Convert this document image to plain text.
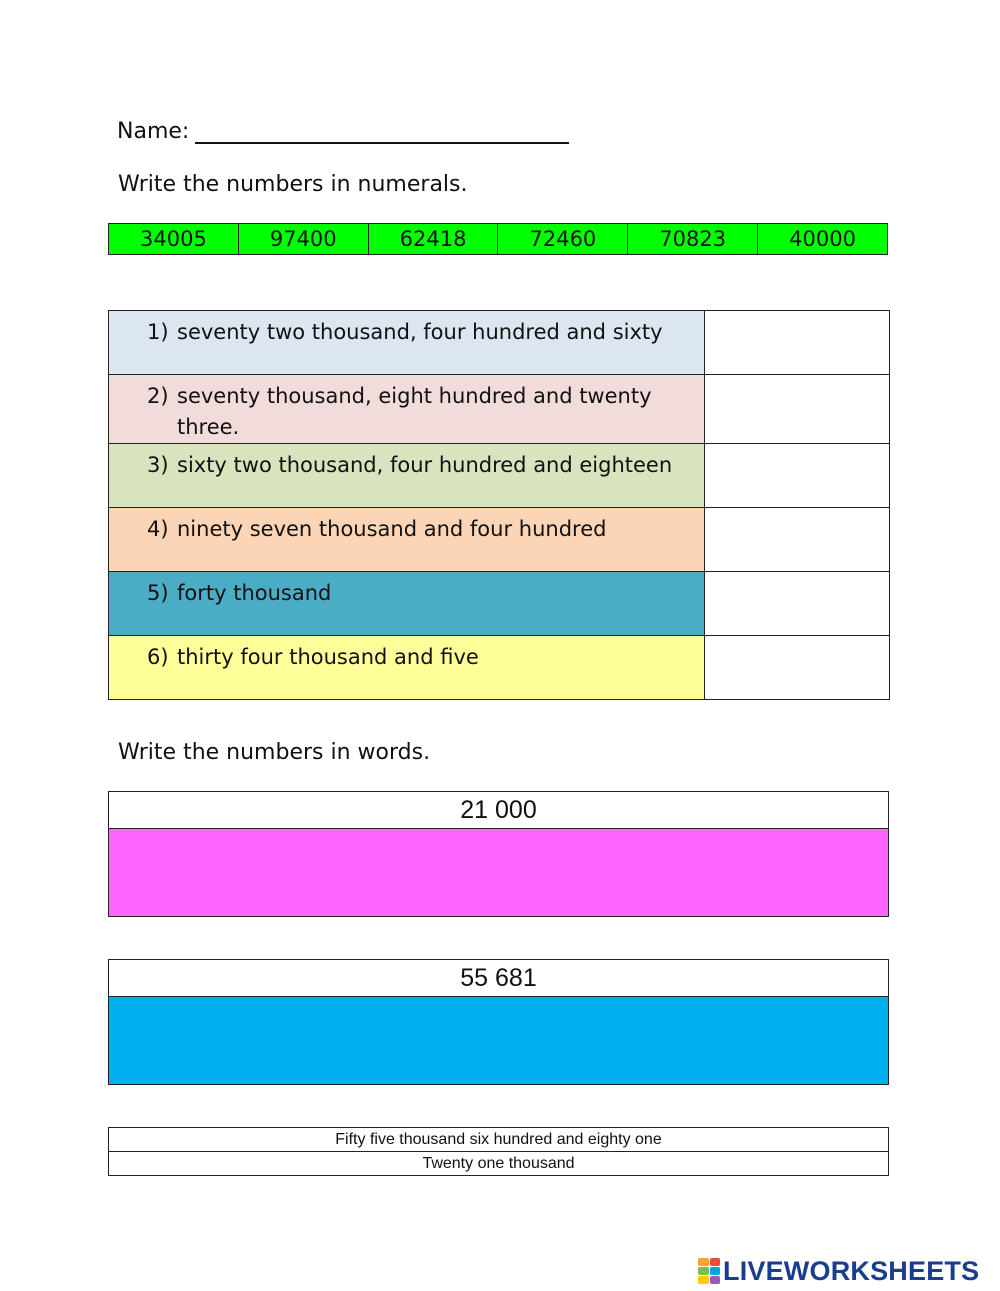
Name:
Write the numbers in numerals.
34005	97400	62418	72460	70823	40000
1) seventy two thousand, four hundred and sixty	

2) seventy thousand, eight hundred and twenty three.	

3) sixty two thousand, four hundred and eighteen	

4) ninety seven thousand and four hundred	

5) forty thousand	

6) thirty four thousand and five	

Write the numbers in words.
21 000
55 681
Fifty five thousand six hundred and eighty one
Twenty one thousand
LIVEWORKSHEETS
